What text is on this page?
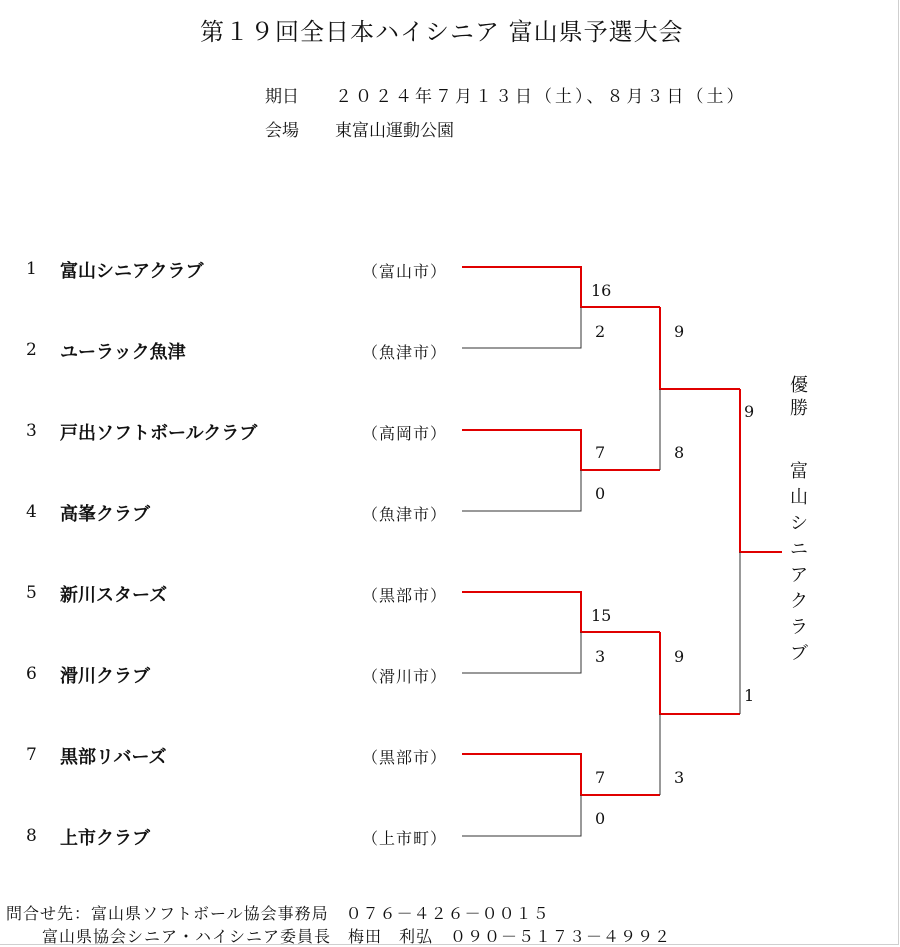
第１９回全日本ハイシニア 富山県予選大会
期日 ２０２４年７月１３日（土）、８月３日（土）
会場 東富山運動公園
1 富山シニアクラブ	（富山市）
2 ユーラック魚津	（魚津市）
3 戸出ソフトボールクラブ	（高岡市）
4 高峯クラブ	（魚津市）
5 新川スターズ	（黒部市）
6 滑川クラブ	（滑川市）
7 黒部リバーズ	（黒部市）
8 上市クラブ	（上市町）
16
2
7
0
15
3
7
0
9
8
9
3
9
1
優
勝
富
山
シ
ニ
ア
ク
ラ
ブ
問合せ先：富山県ソフトボール協会事務局　０７６－４２６－００１５
富山県協会シニア・ハイシニア委員長　梅田　利弘　０９０－５１７３－４９９２
